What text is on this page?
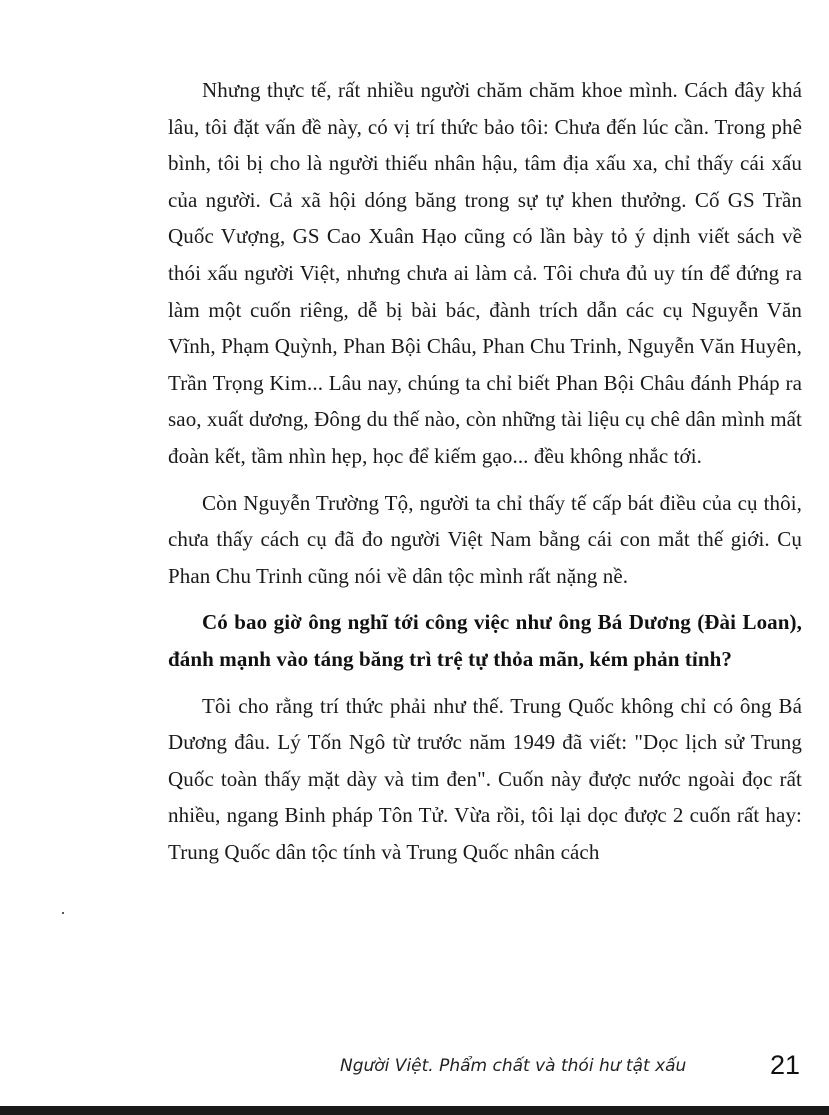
Nhưng thực tế, rất nhiều người chăm chăm khoe mình. Cách đây khá lâu, tôi đặt vấn đề này, có vị trí thức bảo tôi: Chưa đến lúc cần. Trong phê bình, tôi bị cho là người thiếu nhân hậu, tâm địa xấu xa, chỉ thấy cái xấu của người. Cả xã hội dóng băng trong sự tự khen thưởng. Cố GS Trần Quốc Vượng, GS Cao Xuân Hạo cũng có lần bày tỏ ý dịnh viết sách về thói xấu người Việt, nhưng chưa ai làm cả. Tôi chưa đủ uy tín để đứng ra làm một cuốn riêng, dễ bị bài bác, đành trích dẫn các cụ Nguyễn Văn Vĩnh, Phạm Quỳnh, Phan Bội Châu, Phan Chu Trinh, Nguyễn Văn Huyên, Trần Trọng Kim... Lâu nay, chúng ta chỉ biết Phan Bội Châu đánh Pháp ra sao, xuất dương, Đông du thế nào, còn những tài liệu cụ chê dân mình mất đoàn kết, tầm nhìn hẹp, học để kiếm gạo... đều không nhắc tới.

Còn Nguyễn Trường Tộ, người ta chỉ thấy tế cấp bát điều của cụ thôi, chưa thấy cách cụ đã đo người Việt Nam bằng cái con mắt thế giới. Cụ Phan Chu Trinh cũng nói về dân tộc mình rất nặng nề.

Có bao giờ ông nghĩ tới công việc như ông Bá Dương (Đài Loan), đánh mạnh vào táng băng trì trệ tự thỏa mãn, kém phản tỉnh?

Tôi cho rằng trí thức phải như thế. Trung Quốc không chỉ có ông Bá Dương đâu. Lý Tốn Ngô từ trước năm 1949 đã viết: "Dọc lịch sử Trung Quốc toàn thấy mặt dày và tim đen". Cuốn này được nước ngoài đọc rất nhiều, ngang Binh pháp Tôn Tử. Vừa rồi, tôi lại dọc được 2 cuốn rất hay: Trung Quốc dân tộc tính và Trung Quốc nhân cách

Người Việt. Phẩm chất và thói hư tật xấu	21
